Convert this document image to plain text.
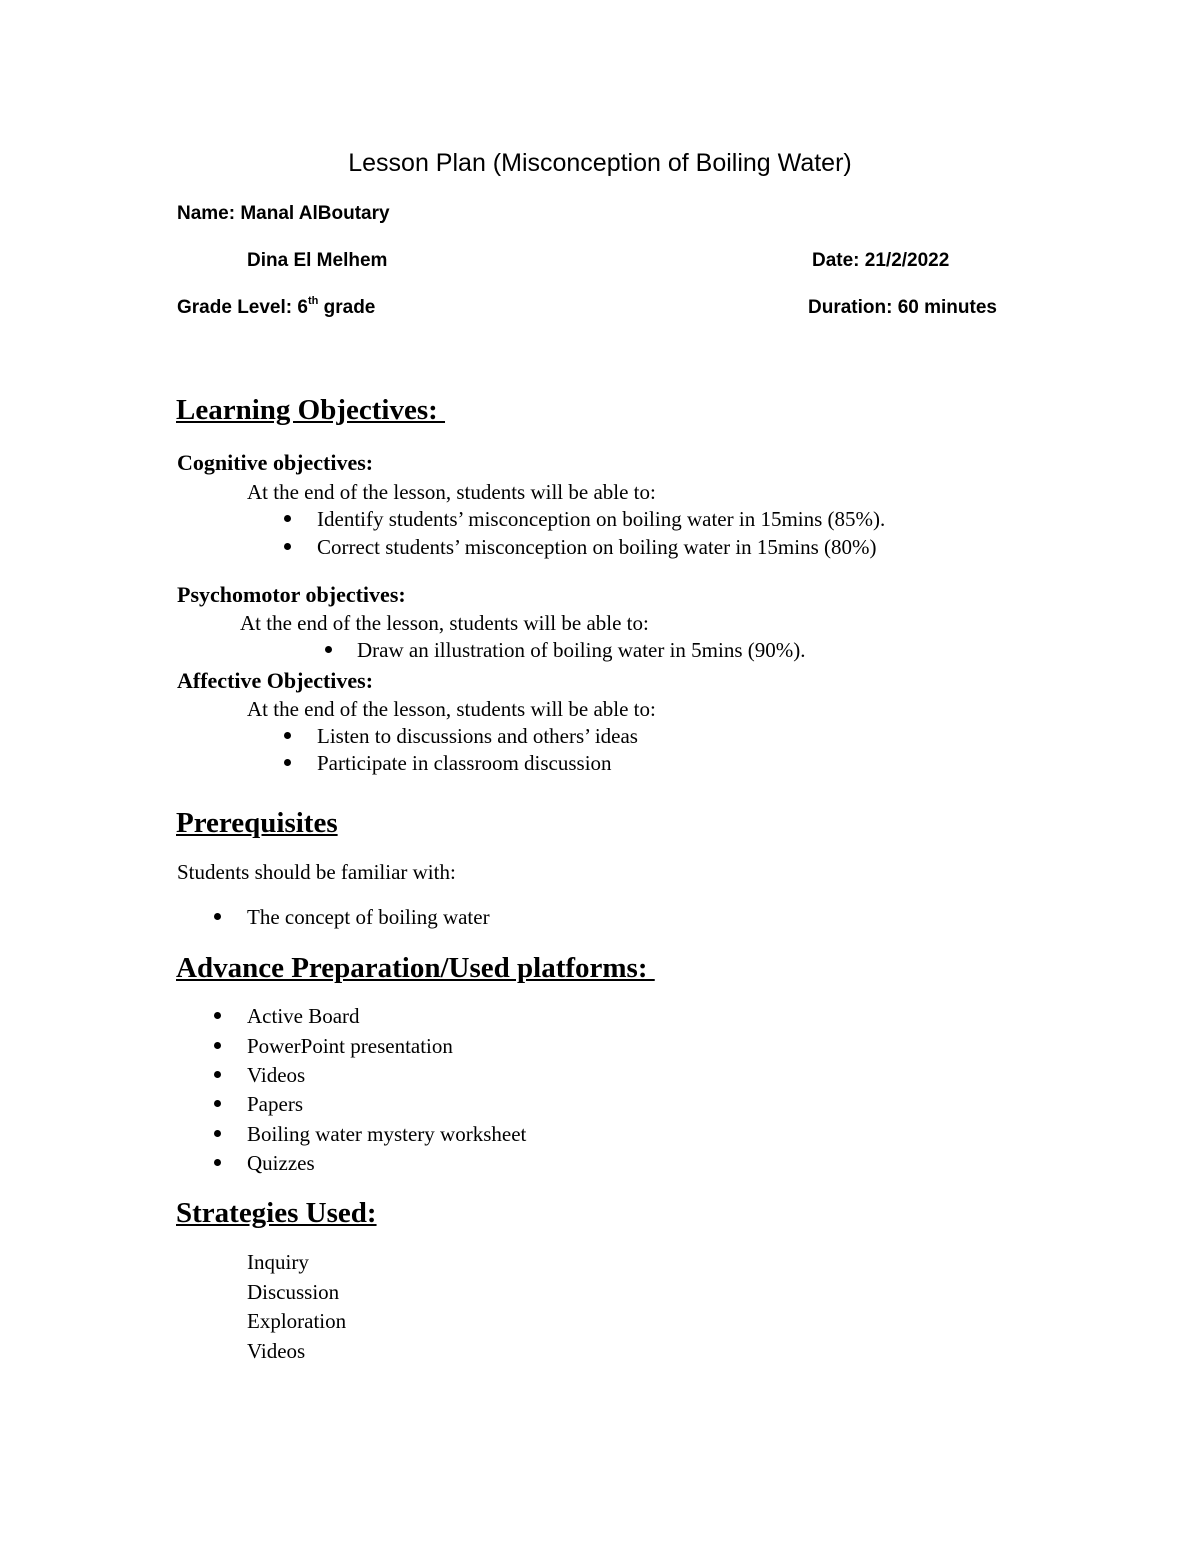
Lesson Plan (Misconception of Boiling Water)
Name: Manal AlBoutary
Dina El Melhem	Date: 21/2/2022
Grade Level: 6th grade	Duration: 60 minutes
Learning Objectives:
Cognitive objectives:
At the end of the lesson, students will be able to:
Identify students’ misconception on boiling water in 15mins (85%).
Correct students’ misconception on boiling water in 15mins (80%)
Psychomotor objectives:
At the end of the lesson, students will be able to:
Draw an illustration of boiling water in 5mins (90%).
Affective Objectives:
At the end of the lesson, students will be able to:
Listen to discussions and others’ ideas
Participate in classroom discussion
Prerequisites
Students should be familiar with:
The concept of boiling water
Advance Preparation/Used platforms:
Active Board
PowerPoint presentation
Videos
Papers
Boiling water mystery worksheet
Quizzes
Strategies Used:
Inquiry
Discussion
Exploration
Videos
